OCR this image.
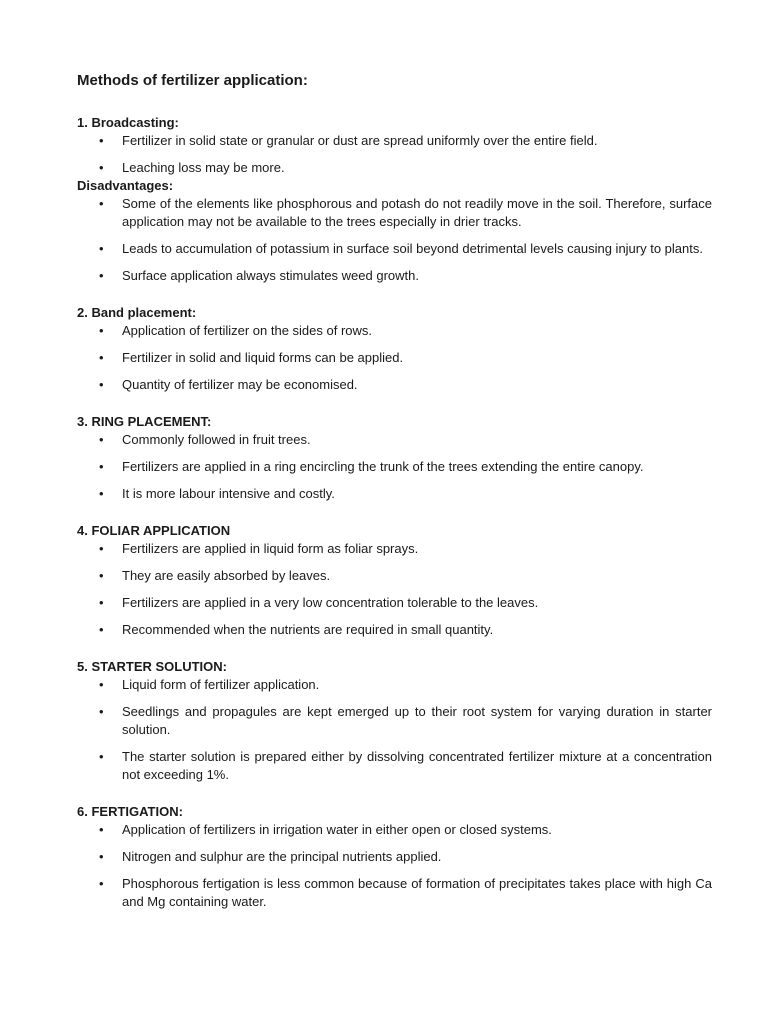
Methods of fertilizer application:

1. Broadcasting:

• Fertilizer in solid state or granular or dust are spread uniformly over the entire field.
• Leaching loss may be more.

Disadvantages:

• Some of the elements like phosphorous and potash do not readily move in the soil. Therefore, surface application may not be available to the trees especially in drier tracks.
• Leads to accumulation of potassium in surface soil beyond detrimental levels causing injury to plants.
• Surface application always stimulates weed growth.

2. Band placement:

• Application of fertilizer on the sides of rows.
• Fertilizer in solid and liquid forms can be applied.
• Quantity of fertilizer may be economised.

3. RING PLACEMENT:

• Commonly followed in fruit trees.
• Fertilizers are applied in a ring encircling the trunk of the trees extending the entire canopy.
• It is more labour intensive and costly.

4. FOLIAR APPLICATION

• Fertilizers are applied in liquid form as foliar sprays.
• They are easily absorbed by leaves.
• Fertilizers are applied in a very low concentration tolerable to the leaves.
• Recommended when the nutrients are required in small quantity.

5. STARTER SOLUTION:

• Liquid form of fertilizer application.
• Seedlings and propagules are kept emerged up to their root system for varying duration in starter solution.
• The starter solution is prepared either by dissolving concentrated fertilizer mixture at a concentration not exceeding 1%.

6. FERTIGATION:

• Application of fertilizers in irrigation water in either open or closed systems.
• Nitrogen and sulphur are the principal nutrients applied.
• Phosphorous fertigation is less common because of formation of precipitates takes place with high Ca and Mg containing water.
